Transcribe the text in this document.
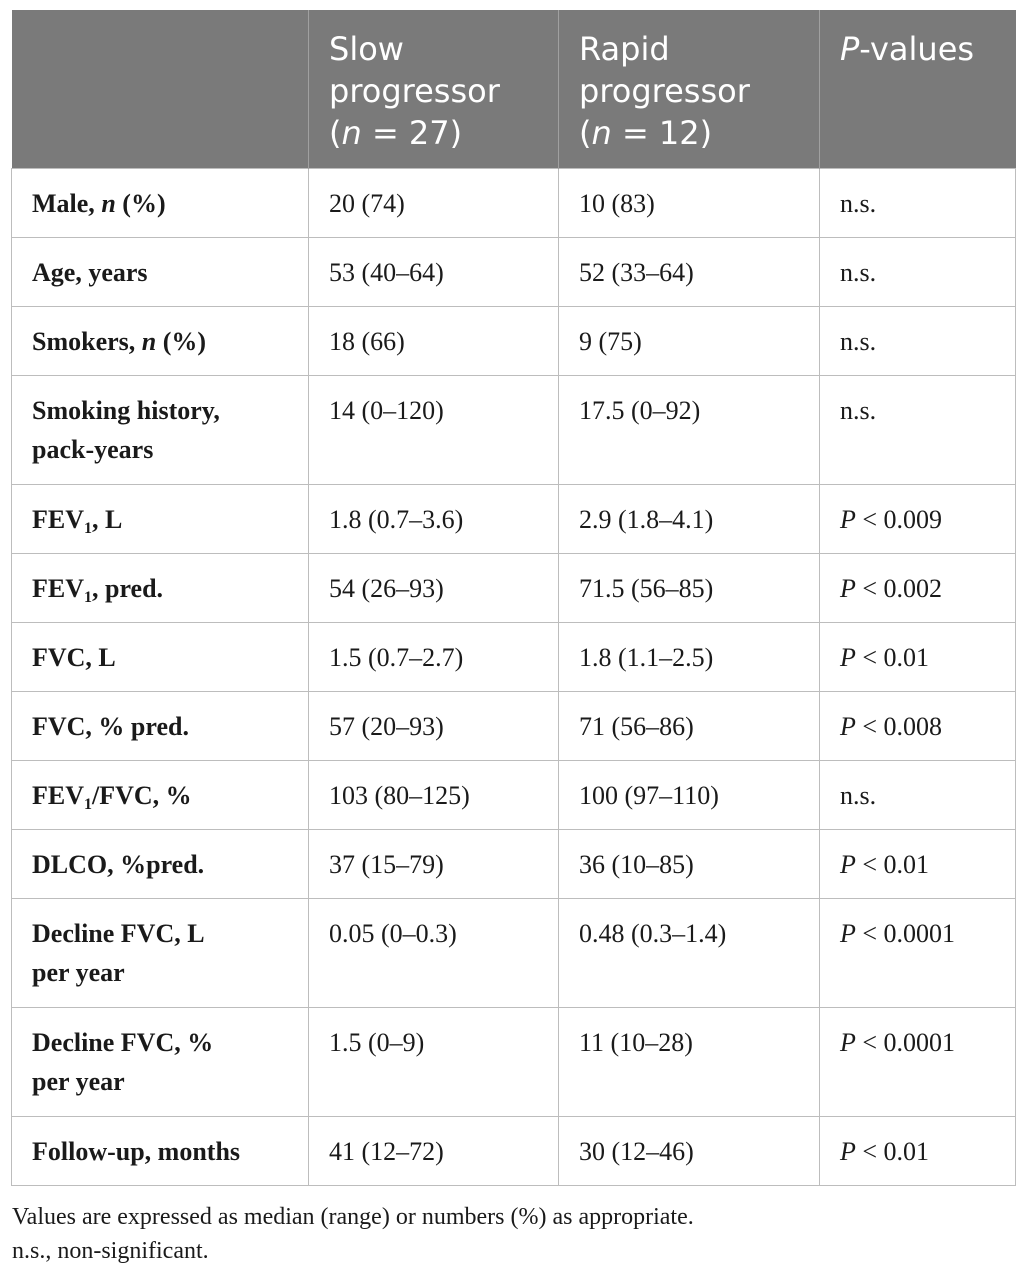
	Slow
progressor
(n = 27)	Rapid
progressor
(n = 12)	P-values
Male, n (%)	20 (74)	10 (83)	n.s.
Age, years	53 (40–64)	52 (33–64)	n.s.
Smokers, n (%)	18 (66)	9 (75)	n.s.
Smoking history,
pack-years	14 (0–120)	17.5 (0–92)	n.s.
$FEV_1$, L	1.8 (0.7–3.6)	2.9 (1.8–4.1)	P < 0.009
$FEV_1$, pred.	54 (26–93)	71.5 (56–85)	P < 0.002
FVC, L	1.5 (0.7–2.7)	1.8 (1.1–2.5)	P < 0.01
FVC, % pred.	57 (20–93)	71 (56–86)	P < 0.008
$FEV_1$/FVC, %	103 (80–125)	100 (97–110)	n.s.
DLCO, %pred.	37 (15–79)	36 (10–85)	P < 0.01
Decline FVC, L
per year	0.05 (0–0.3)	0.48 (0.3–1.4)	P < 0.0001
Decline FVC, %
per year	1.5 (0–9)	11 (10–28)	P < 0.0001
Follow-up, months	41 (12–72)	30 (12–46)	P < 0.01

Values are expressed as median (range) or numbers (%) as appropriate.

n.s., non-significant.
